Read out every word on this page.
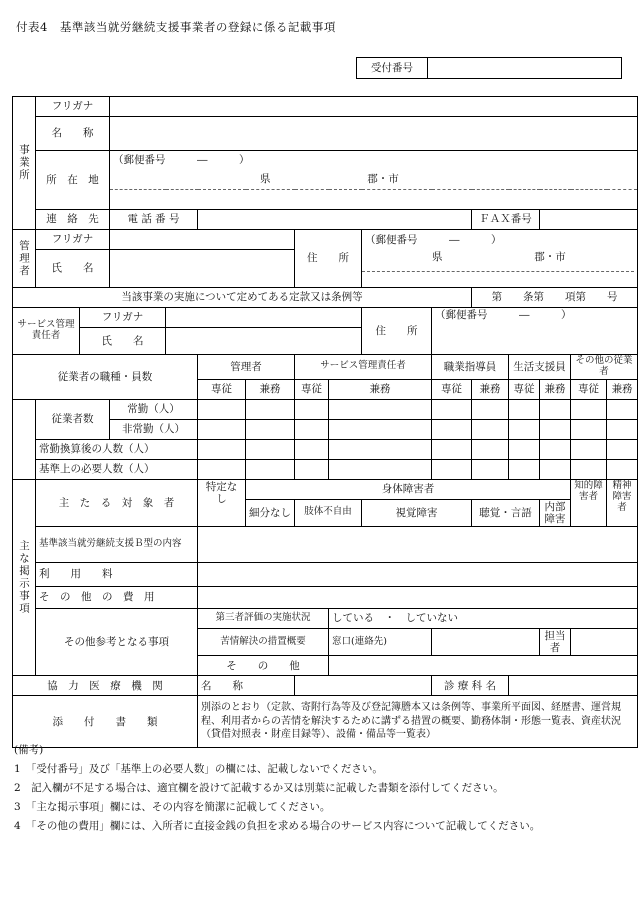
付表4　基準該当就労継続支援事業者の登録に係る記載事項
受付番号
事業所	フリガナ														
	名　　称														
	所　在　地		（郵便番号　　　―　　　）												
			県 郡・市												

	連　絡　先		電 話 番 号								ＦＡＸ番号				
管理者	フリガナ						住　　所		（郵便番号　　　―　　　）						
	氏　　名								県 郡・市						

当該事業の実施について定めてある定款又は条例等											第　　条第　　項第　　号				
サービス管理責任者		フリガナ							住　　所	（郵便番号　　　―　　　）					
		氏　　名													
従業者の職種・員数					管理者		サービス管理責任者			職業指導員		生活支援員		その他の従業者	
					専従	兼務	専従	兼務		専従	兼務	専従	兼務	専従	兼務
	従業者数		常勤（人）												
			非常勤（人）												
	常勤換算後の人数（人）														
	基準上の必要人数（人）														
主な掲示事項	主　た　る　対　象　者				特定なし	身体障害者								知的障害者	精神障害者
						細分なし	肢体不自由		視覚障害		聴覚・言語		内部障害		
	基準該当就労継続支援Ｂ型の内容														
	利　　用　　料														
	そ　の　他　の　費　用														
	その他参考となる事項				第三者評価の実施状況			している　・　していない							
					苦情解決の措置概要			窓口(連絡先)					担当者		
					そ　　の　　他										
協　力　医　療　機　関					名　　称					診 療 科 名					
添　　付　　書　　類					別添のとおり（定款、寄附行為等及び登記簿謄本又は条例等、事業所平面図、経歴書、運営規程、利用者からの苦情を解決するために講ずる措置の概要、勤務体制・形態一覧表、資産状況（貸借対照表・財産目録等）、設備・備品等一覧表）										
(備考)
1　「受付番号」及び「基準上の必要人数」の欄には、記載しないでください。
2　記入欄が不足する場合は、適宜欄を設けて記載するか又は別葉に記載した書類を添付してください。
3　「主な掲示事項」欄には、その内容を簡潔に記載してください。
4　「その他の費用」欄には、入所者に直接金銭の負担を求める場合のサービス内容について記載してください。
